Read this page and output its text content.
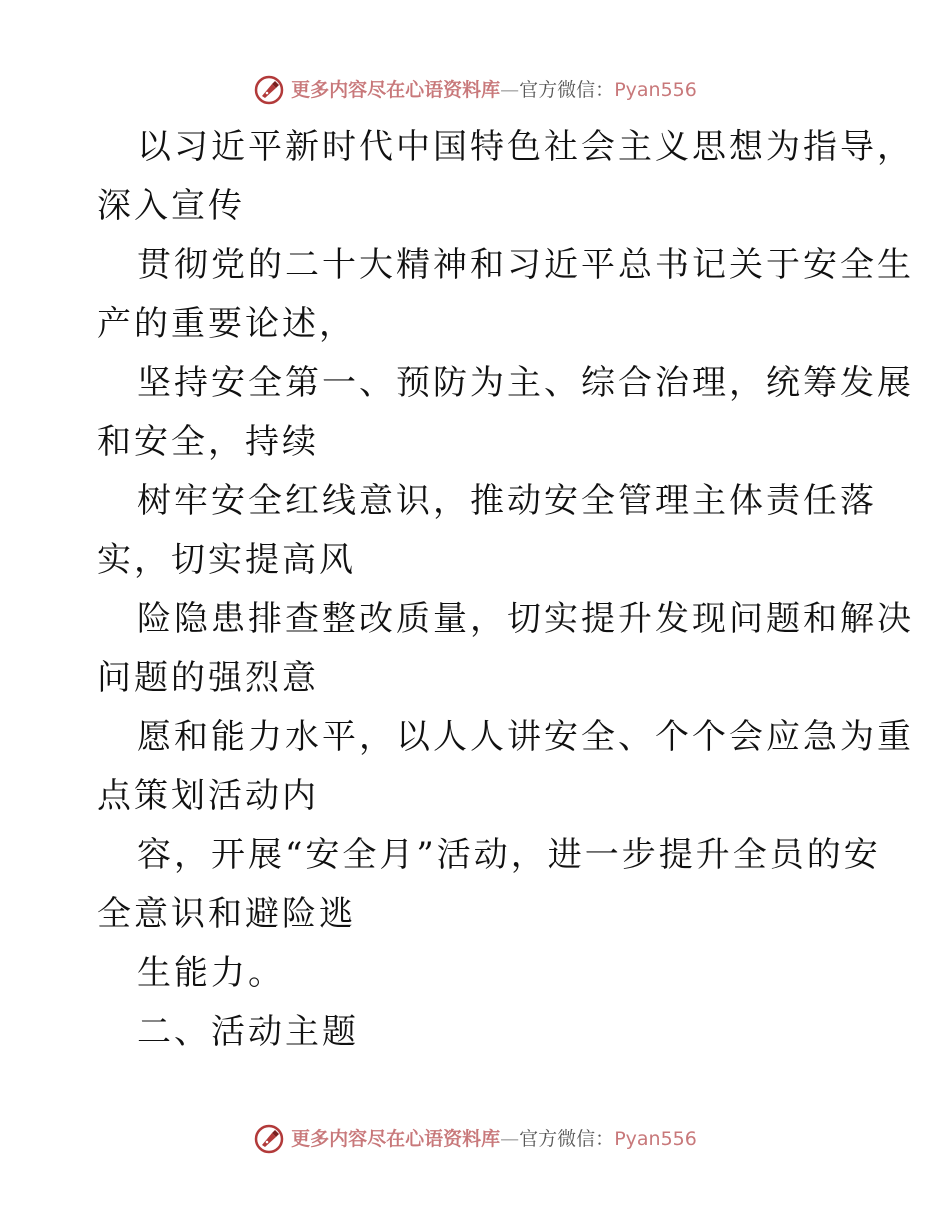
更多内容尽在心语资料库—官方微信：Pyan556
以习近平新时代中国特色社会主义思想为指导，
深入宣传
贯彻党的二十大精神和习近平总书记关于安全生
产的重要论述，
坚持安全第一、预防为主、综合治理，统筹发展
和安全，持续
树牢安全红线意识，推动安全管理主体责任落
实，切实提高风
险隐患排查整改质量，切实提升发现问题和解决
问题的强烈意
愿和能力水平，以人人讲安全、个个会应急为重
点策划活动内
容，开展“安全月”活动，进一步提升全员的安
全意识和避险逃
生能力。
二、活动主题
更多内容尽在心语资料库—官方微信：Pyan556
